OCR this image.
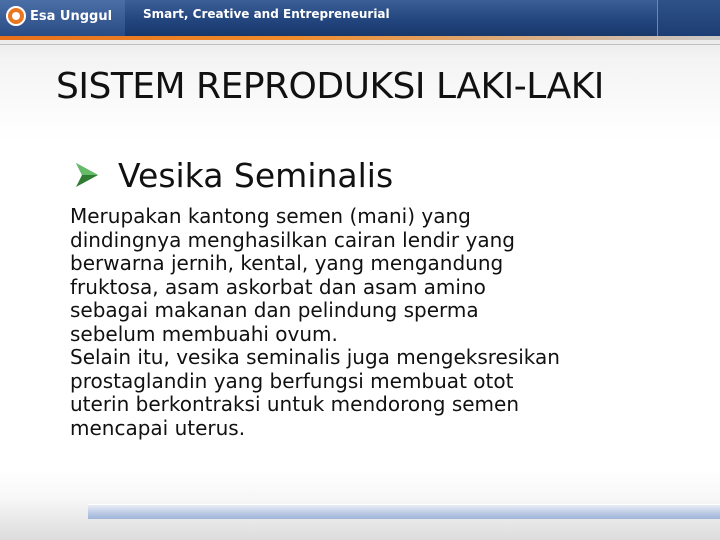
Esa Unggul	Smart, Creative and Entrepreneurial
SISTEM REPRODUKSI LAKI-LAKI
Vesika Seminalis

Merupakan kantong semen (mani) yang
dindingnya menghasilkan cairan lendir yang
berwarna jernih, kental, yang mengandung
fruktosa, asam askorbat dan asam amino
sebagai makanan dan pelindung sperma
sebelum membuahi ovum.

Selain itu, vesika seminalis juga mengeksresikan
prostaglandin yang berfungsi membuat otot
uterin berkontraksi untuk mendorong semen
mencapai uterus.
